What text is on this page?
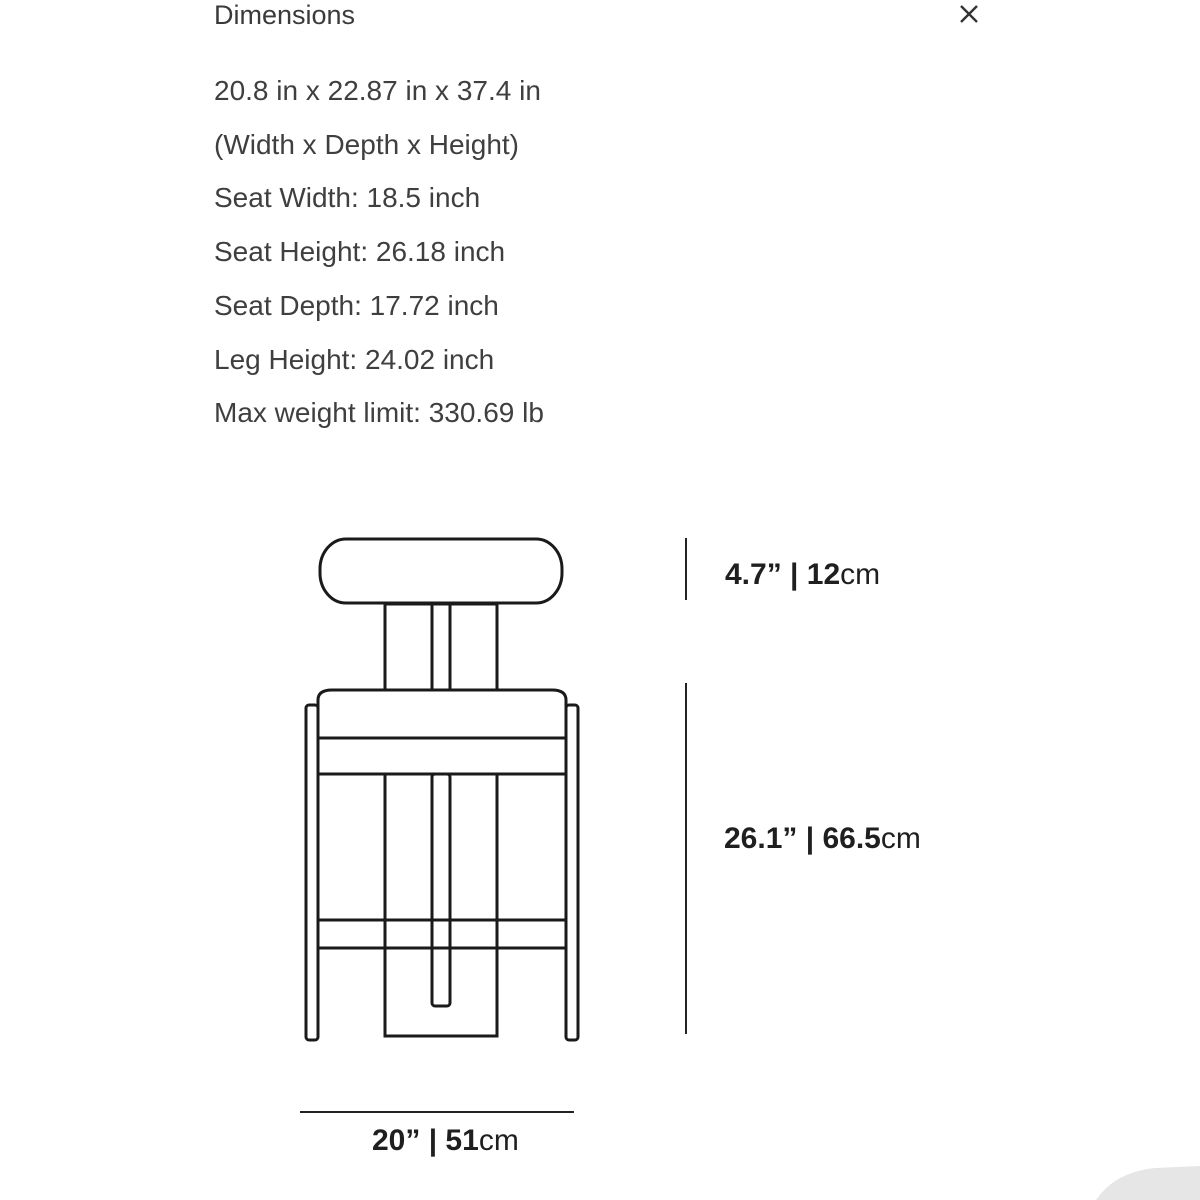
Dimensions
20.8 in x 22.87 in x 37.4 in
(Width x Depth x Height)
Seat Width: 18.5 inch
Seat Height: 26.18 inch
Seat Depth: 17.72 inch
Leg Height: 24.02 inch
Max weight limit: 330.69 lb
4.7” | 12cm
26.1” | 66.5cm
20” | 51cm
